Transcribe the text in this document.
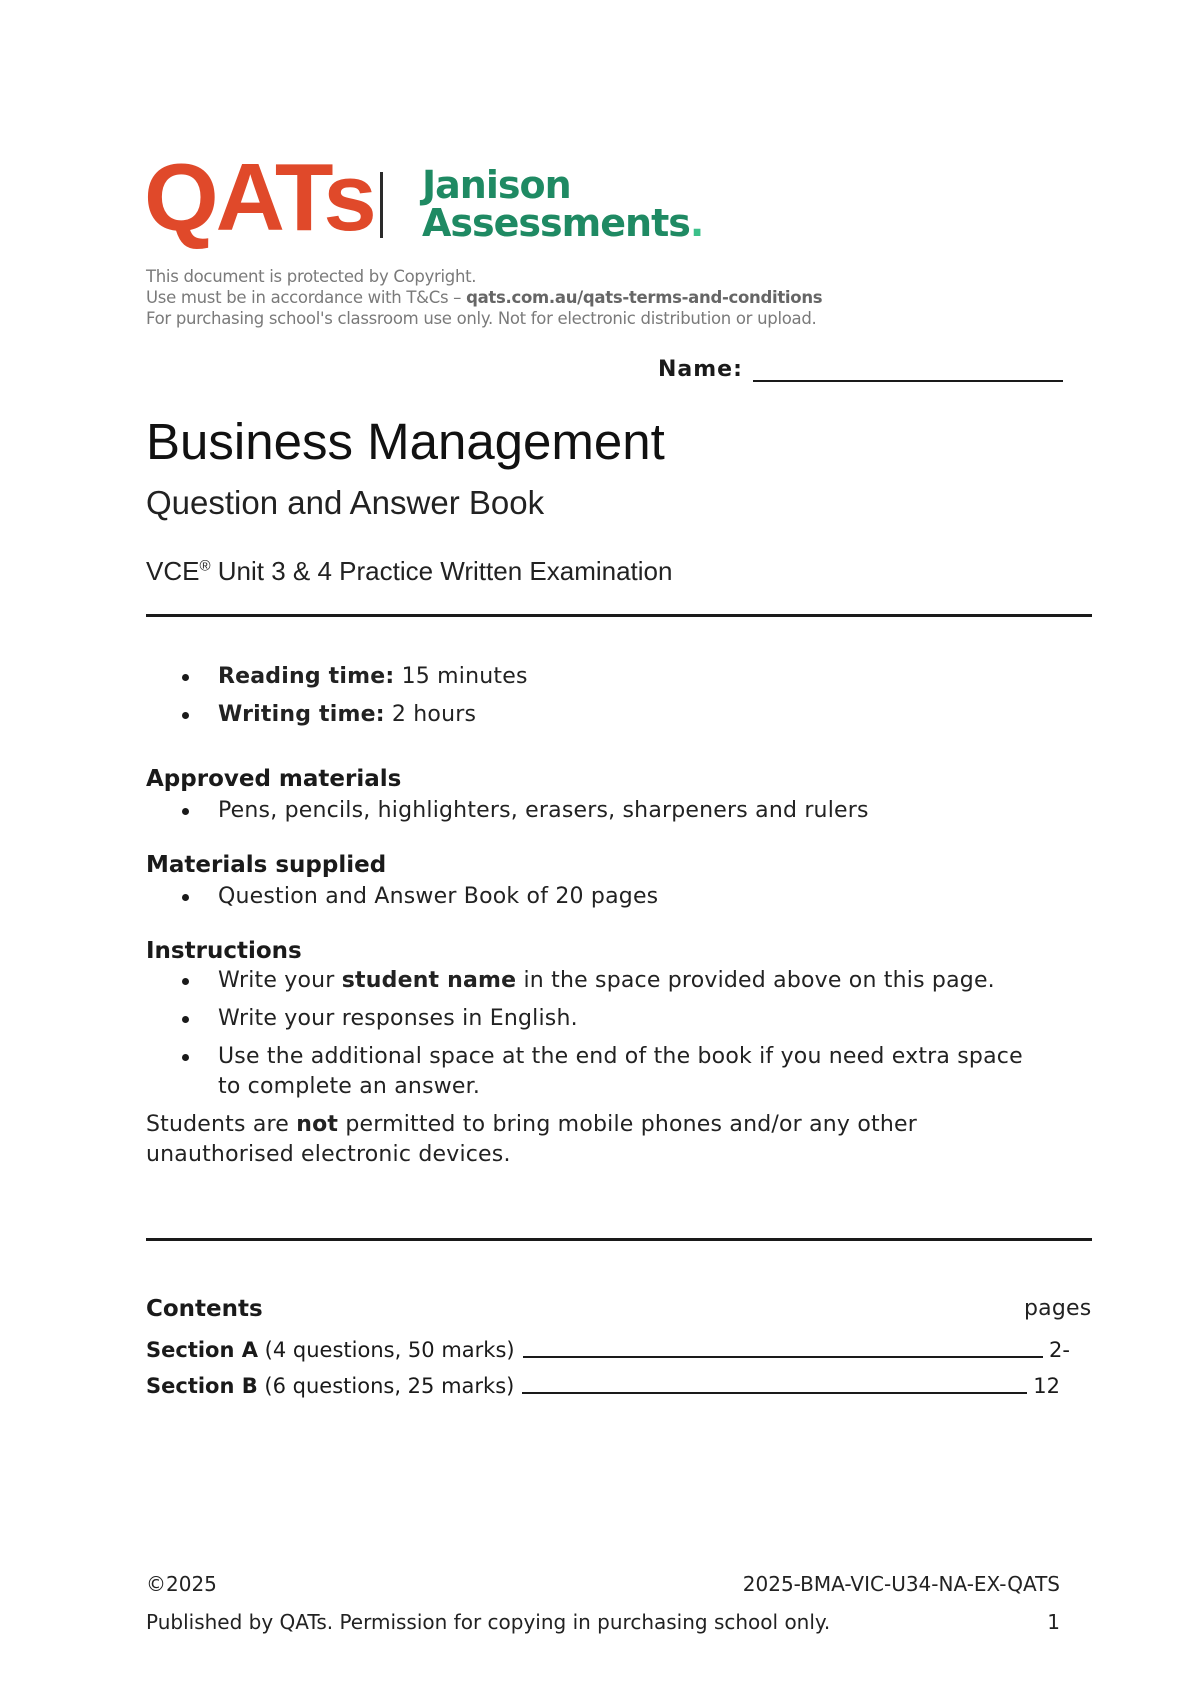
QATs Janison
Assessments.
This document is protected by Copyright.
Use must be in accordance with T&Cs – qats.com.au/qats-terms-and-conditions
For purchasing school's classroom use only. Not for electronic distribution or upload.
Name:
Business Management
Question and Answer Book
VCE® Unit 3 & 4 Practice Written Examination
Reading time: 15 minutes
Writing time: 2 hours
Approved materials
Pens, pencils, highlighters, erasers, sharpeners and rulers
Materials supplied
Question and Answer Book of 20 pages
Instructions
Write your student name in the space provided above on this page.
Write your responses in English.
Use the additional space at the end of the book if you need extra space to complete an answer.
Students are not permitted to bring mobile phones and/or any other unauthorised electronic devices.
Contents	pages
Section A (4 questions, 50 marks)	2-
Section B (6 questions, 25 marks)	12
©2025	2025-BMA-VIC-U34-NA-EX-QATS
Published by QATs. Permission for copying in purchasing school only.	1
